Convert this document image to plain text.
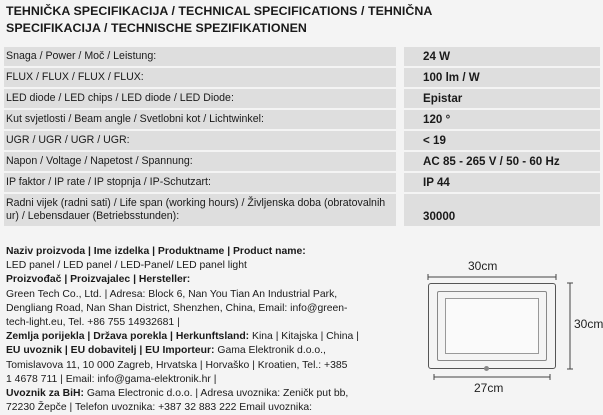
TEHNIČKA SPECIFIKACIJA / TECHNICAL SPECIFICATIONS / TEHNIČNA SPECIFIKACIJA / TECHNISCHE SPEZIFIKATIONEN
Snaga / Power / Moč / Leistung:	24 W
FLUX / FLUX / FLUX / FLUX:	100 lm / W
LED diode / LED chips / LED diode / LED Diode:	Epistar
Kut svjetlosti / Beam angle / Svetlobni kot / Lichtwinkel:	120 °
UGR / UGR / UGR / UGR:	< 19
Napon / Voltage / Napetost / Spannung:	AC 85 - 265 V / 50 - 60 Hz
IP faktor / IP rate / IP stopnja / IP-Schutzart:	IP 44
Radni vijek (radni sati) / Life span (working hours) / Življenska doba (obratovalnih ur) / Lebensdauer (Betriebsstunden):	30000
Naziv proizvoda | Ime izdelka | Produktname | Product name:
LED panel / LED panel / LED-Panel/ LED panel light
Proizvođač | Proizvajalec | Hersteller:
Green Tech Co., Ltd. | Adresa: Block 6, Nan You Tian An Industrial Park,
Dengliang Road, Nan Shan District, Shenzhen, China, Email: info@green-
tech-light.eu, Tel. +86 755 14932681 |
Zemlja porijekla | Država porekla | Herkunftsland: Kina | Kitajska | China |
EU uvoznik | EU dobavitelj | EU Importeur: Gama Elektronik d.o.o.,
Tomislavova 11, 10 000 Zagreb, Hrvatska | Horvaško | Kroatien, Tel.: +385
1 4678 711 | Email: info@gama-elektronik.hr |
Uvoznik za BiH: Gama Electronic d.o.o. | Adresa uvoznika: Zeničk put bb,
72230 Žepče | Telefon uvoznika: +387 32 883 222 Email uvoznika:
30cm
30cm
27cm
